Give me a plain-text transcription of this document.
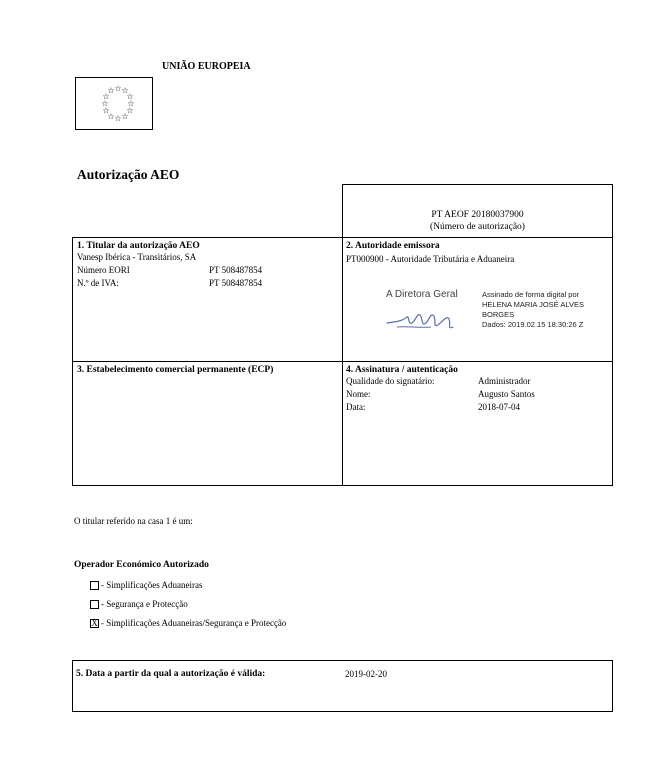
UNIÃO EUROPEIA
☆ ☆
☆
☆
☆
☆
☆
☆
☆
☆
☆
☆
Autorização AEO
PT AEOF 20180037900
(Número de autorização)
1. Titular da autorização AEO
Vanesp Ibérica - Transitários, SA
Número EORI	PT 508487854
N.º de IVA:	PT 508487854
2. Autoridade emissora
PT000900 - Autoridade Tributária e Aduaneira
3. Estabelecimento comercial permanente (ECP)	4. Assinatura / autenticação
Qualidade do signatário:	Administrador
Nome:	Augusto Santos
Data:	2018-07-04
A Diretora Geral	Assinado de forma digital por
HELENA MARIA JOSÉ ALVES
BORGES
Dados: 2019.02.15 18:30:26 Z
O titular referido na casa 1 é um:
Operador Económico Autorizado
- Simplificações Aduaneiras
- Segurança e Protecção
X - Simplificações Aduaneiras/Segurança e Protecção
5. Data a partir da qual a autorização é válida:	2019-02-20
